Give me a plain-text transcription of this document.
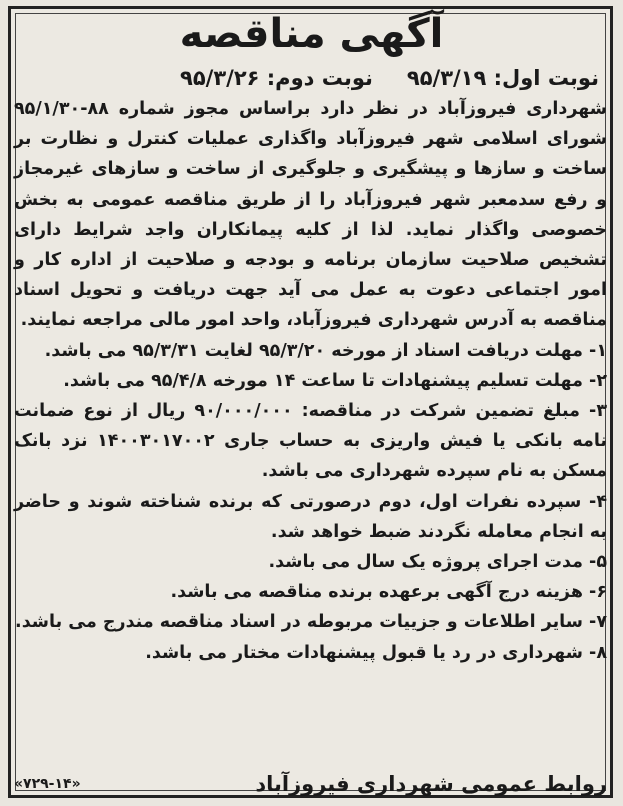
آگهی مناقصه
نوبت اول: ۹۵/۳/۱۹
نوبت دوم: ۹۵/۳/۲۶

شهرداری فیروزآباد در نظر دارد براساس مجوز شماره ۸۸-۹۵/۱/۳۰ شورای اسلامی شهر فیروزآباد واگذاری عملیات کنترل و نظارت بر ساخت و سازها و پیشگیری و جلوگیری از ساخت و سازهای غیرمجاز و رفع سدمعبر شهر فیروزآباد را از طریق مناقصه عمومی به بخش خصوصی واگذار نماید. لذا از کلیه پیمانکاران واجد شرایط دارای تشخیص صلاحیت سازمان برنامه و بودجه و صلاحیت از اداره کار و امور اجتماعی دعوت به عمل می آید جهت دریافت و تحویل اسناد مناقصه به آدرس شهرداری فیروزآباد، واحد امور مالی مراجعه نمایند.

۱- مهلت دریافت اسناد از مورخه ۹۵/۳/۲۰ لغایت ۹۵/۳/۳۱ می باشد.
۲- مهلت تسلیم پیشنهادات تا ساعت ۱۴ مورخه ۹۵/۴/۸ می باشد.
۳- مبلغ تضمین شرکت در مناقصه: ۹۰/۰۰۰/۰۰۰ ریال از نوع ضمانت نامه بانکی یا فیش واریزی به حساب جاری ۱۴۰۰۳۰۱۷۰۰۲ نزد بانک مسکن به نام سپرده شهرداری می باشد.
۴- سپرده نفرات اول، دوم درصورتی که برنده شناخته شوند و حاضر به انجام معامله نگردند ضبط خواهد شد.
۵- مدت اجرای پروژه یک سال می باشد.
۶- هزینه درج آگهی برعهده برنده مناقصه می باشد.
۷- سایر اطلاعات و جزییات مربوطه در اسناد مناقصه مندرج می باشد.
۸- شهرداری در رد یا قبول پیشنهادات مختار می باشد.
روابط عمومی شهرداری فیروزآباد
«۷۲۹-۱۴»
